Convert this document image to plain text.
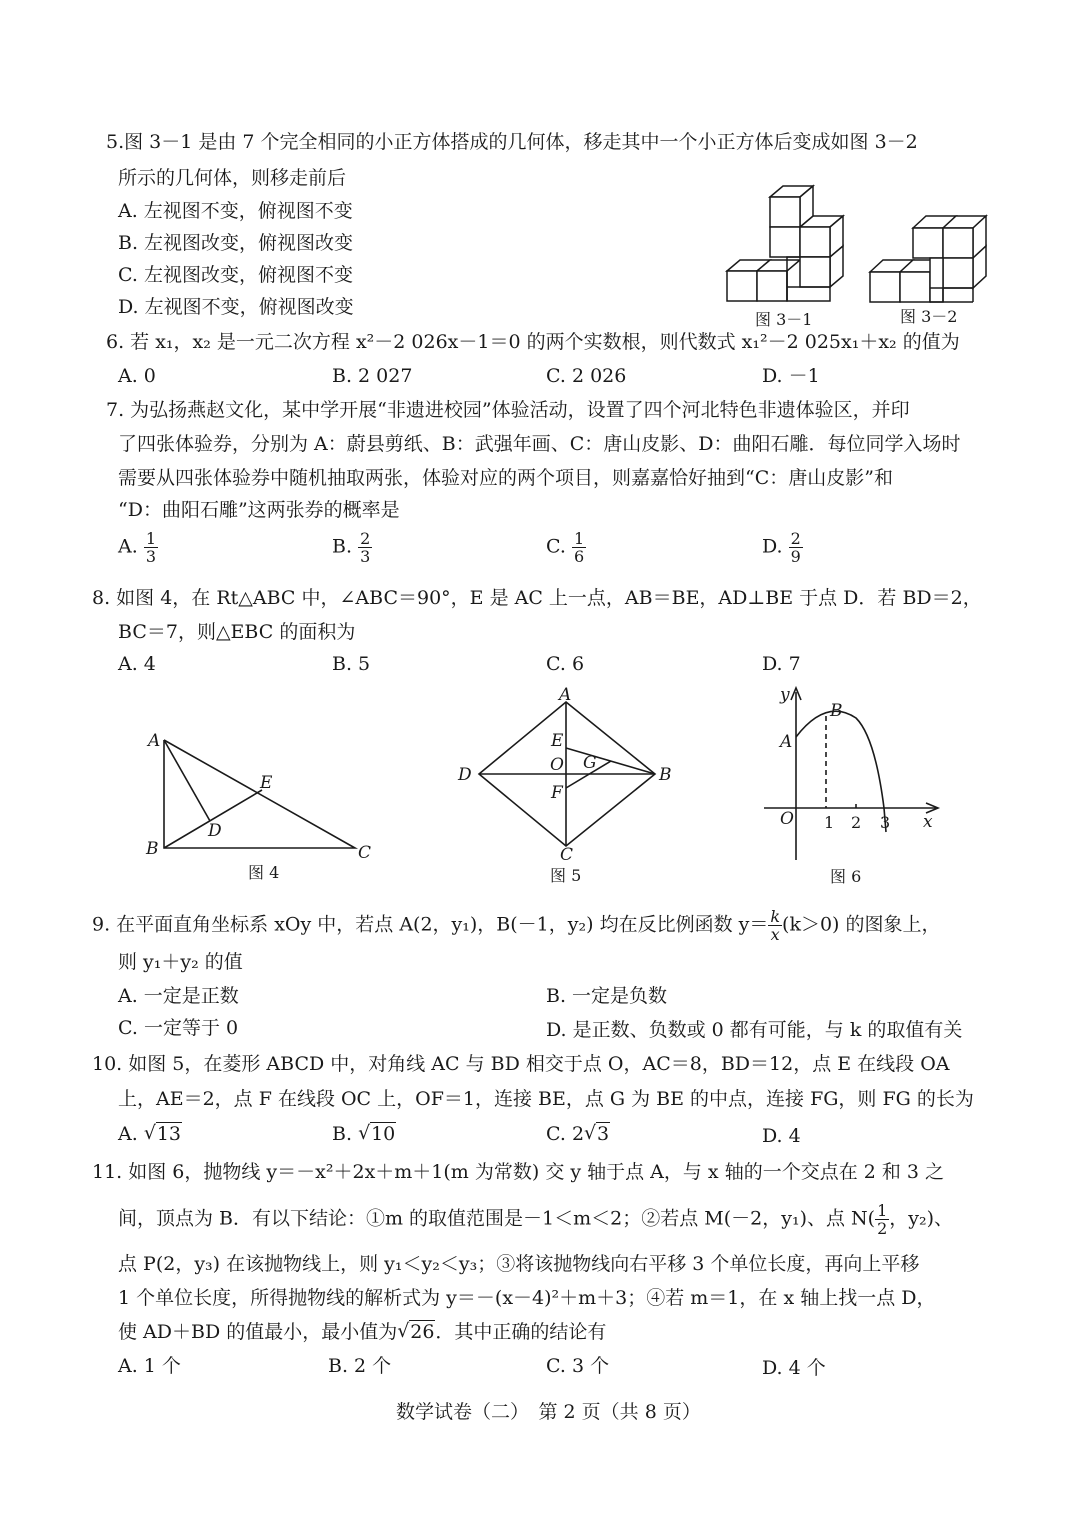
5.图 3－1 是由 7 个完全相同的小正方体搭成的几何体，移走其中一个小正方体后变成如图 3－2
所示的几何体，则移走前后
A. 左视图不变，俯视图不变
B. 左视图改变，俯视图改变
C. 左视图改变，俯视图不变
D. 左视图不变，俯视图改变
图 3－1	图 3－2
6. 若 x₁，x₂ 是一元二次方程 x²－2 026x－1＝0 的两个实数根，则代数式 x₁²－2 025x₁＋x₂ 的值为
A. 0	B. 2 027	C. 2 026	D. －1
7. 为弘扬燕赵文化，某中学开展“非遗进校园”体验活动，设置了四个河北特色非遗体验区，并印
了四张体验券，分别为 A：蔚县剪纸、B：武强年画、C：唐山皮影、D：曲阳石雕．每位同学入场时
需要从四张体验券中随机抽取两张，体验对应的两个项目，则嘉嘉恰好抽到“C：唐山皮影”和
“D：曲阳石雕”这两张券的概率是
A. $\frac{1}{3}$	B. $\frac{2}{3}$	C. $\frac{1}{6}$	D. $\frac{2}{9}$
8. 如图 4，在 Rt△ABC 中，∠ABC＝90°，E 是 AC 上一点，AB＝BE，AD⊥BE 于点 D．若 BD＝2，
BC＝7，则△EBC 的面积为
A. 4	B. 5	C. 6	D. 7
A
B	C
D
E
图 4
A
B
C
D
E
O G
F
图 5
y
x
O
A
B
1 2 3
图 6
9. 在平面直角坐标系 xOy 中，若点 A(2，y₁)，B(－1，y₂) 均在反比例函数 $y= \frac{k}{x} (k>0)$ 的图象上，
则 y₁＋y₂ 的值
A. 一定是正数	B. 一定是负数
C. 一定等于 0	D. 是正数、负数或 0 都有可能，与 k 的取值有关
10. 如图 5，在菱形 ABCD 中，对角线 AC 与 BD 相交于点 O，AC＝8，BD＝12，点 E 在线段 OA
上，AE＝2，点 F 在线段 OC 上，OF＝1，连接 BE，点 G 为 BE 的中点，连接 FG，则 FG 的长为
A. √ 13	B. √ 10	C. 2 √ 3	D. 4
11. 如图 6，抛物线 y＝－x²＋2x＋m＋1(m 为常数) 交 y 轴于点 A，与 x 轴的一个交点在 2 和 3 之
间，顶点为 B．有以下结论：①m 的取值范围是－1＜m＜2；②若点 M(－2，y₁)、点 $N( \frac{1}{2}$ ，y₂)、
点 P(2，y₃) 在该抛物线上，则 y₁＜y₂＜y₃；③将该抛物线向右平移 3 个单位长度，再向上平移
1 个单位长度，所得抛物线的解析式为 y＝－(x－4)²＋m＋3；④若 m＝1，在 x 轴上找一点 D，
使 AD＋BD 的值最小，最小值为 √ 26．其中正确的结论有
A. 1 个	B. 2 个	C. 3 个	D. 4 个
数学试卷（二）　第 2 页（共 8 页）
